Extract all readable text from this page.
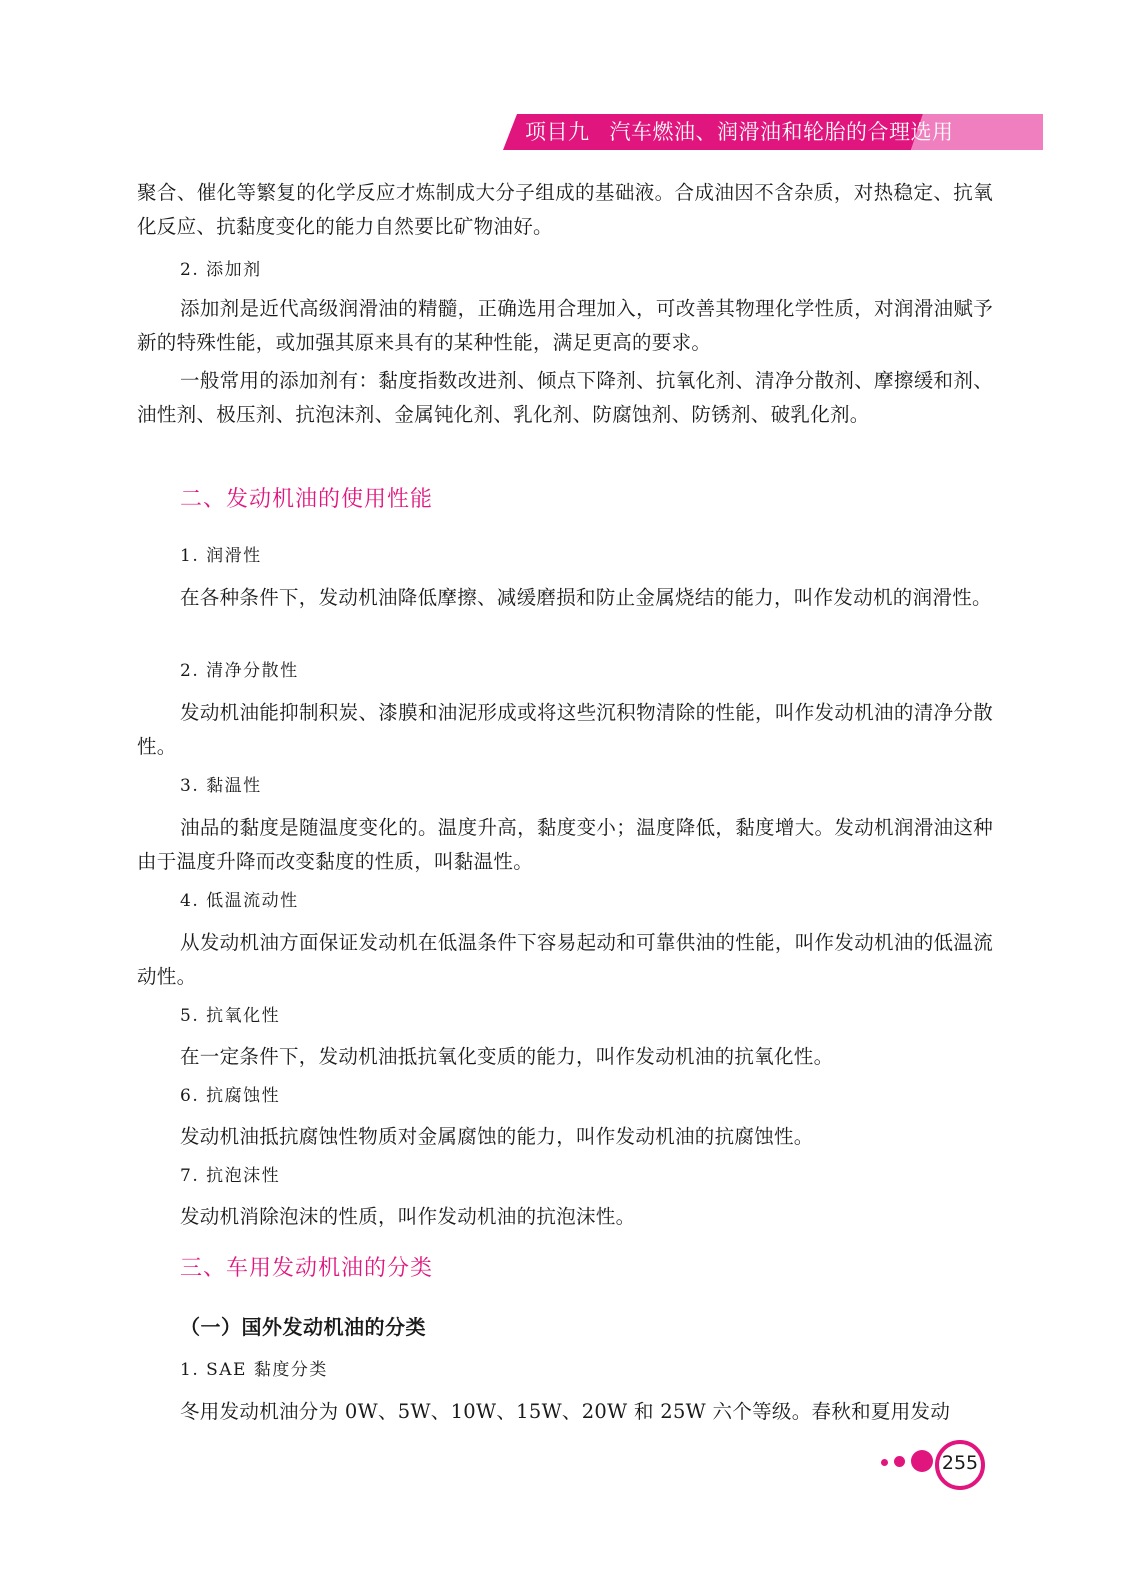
项目九 汽车燃油、润滑油和轮胎的合理选用
聚合、催化等繁复的化学反应才炼制成大分子组成的基础液。合成油因不含杂质，对热稳定、抗氧化反应、抗黏度变化的能力自然要比矿物油好。
2. 添加剂
添加剂是近代高级润滑油的精髓，正确选用合理加入，可改善其物理化学性质，对润滑油赋予新的特殊性能，或加强其原来具有的某种性能，满足更高的要求。
一般常用的添加剂有：黏度指数改进剂、倾点下降剂、抗氧化剂、清净分散剂、摩擦缓和剂、油性剂、极压剂、抗泡沫剂、金属钝化剂、乳化剂、防腐蚀剂、防锈剂、破乳化剂。
二、发动机油的使用性能
1. 润滑性
在各种条件下，发动机油降低摩擦、减缓磨损和防止金属烧结的能力，叫作发动机的润滑性。
2. 清净分散性
发动机油能抑制积炭、漆膜和油泥形成或将这些沉积物清除的性能，叫作发动机油的清净分散性。
3. 黏温性
油品的黏度是随温度变化的。温度升高，黏度变小；温度降低，黏度增大。发动机润滑油这种由于温度升降而改变黏度的性质，叫黏温性。
4. 低温流动性
从发动机油方面保证发动机在低温条件下容易起动和可靠供油的性能，叫作发动机油的低温流动性。
5. 抗氧化性
在一定条件下，发动机油抵抗氧化变质的能力，叫作发动机油的抗氧化性。
6. 抗腐蚀性
发动机油抵抗腐蚀性物质对金属腐蚀的能力，叫作发动机油的抗腐蚀性。
7. 抗泡沫性
发动机消除泡沫的性质，叫作发动机油的抗泡沫性。
三、车用发动机油的分类
（一）国外发动机油的分类
1. SAE 黏度分类
冬用发动机油分为 0W、5W、10W、15W、20W 和 25W 六个等级。春秋和夏用发动
255
